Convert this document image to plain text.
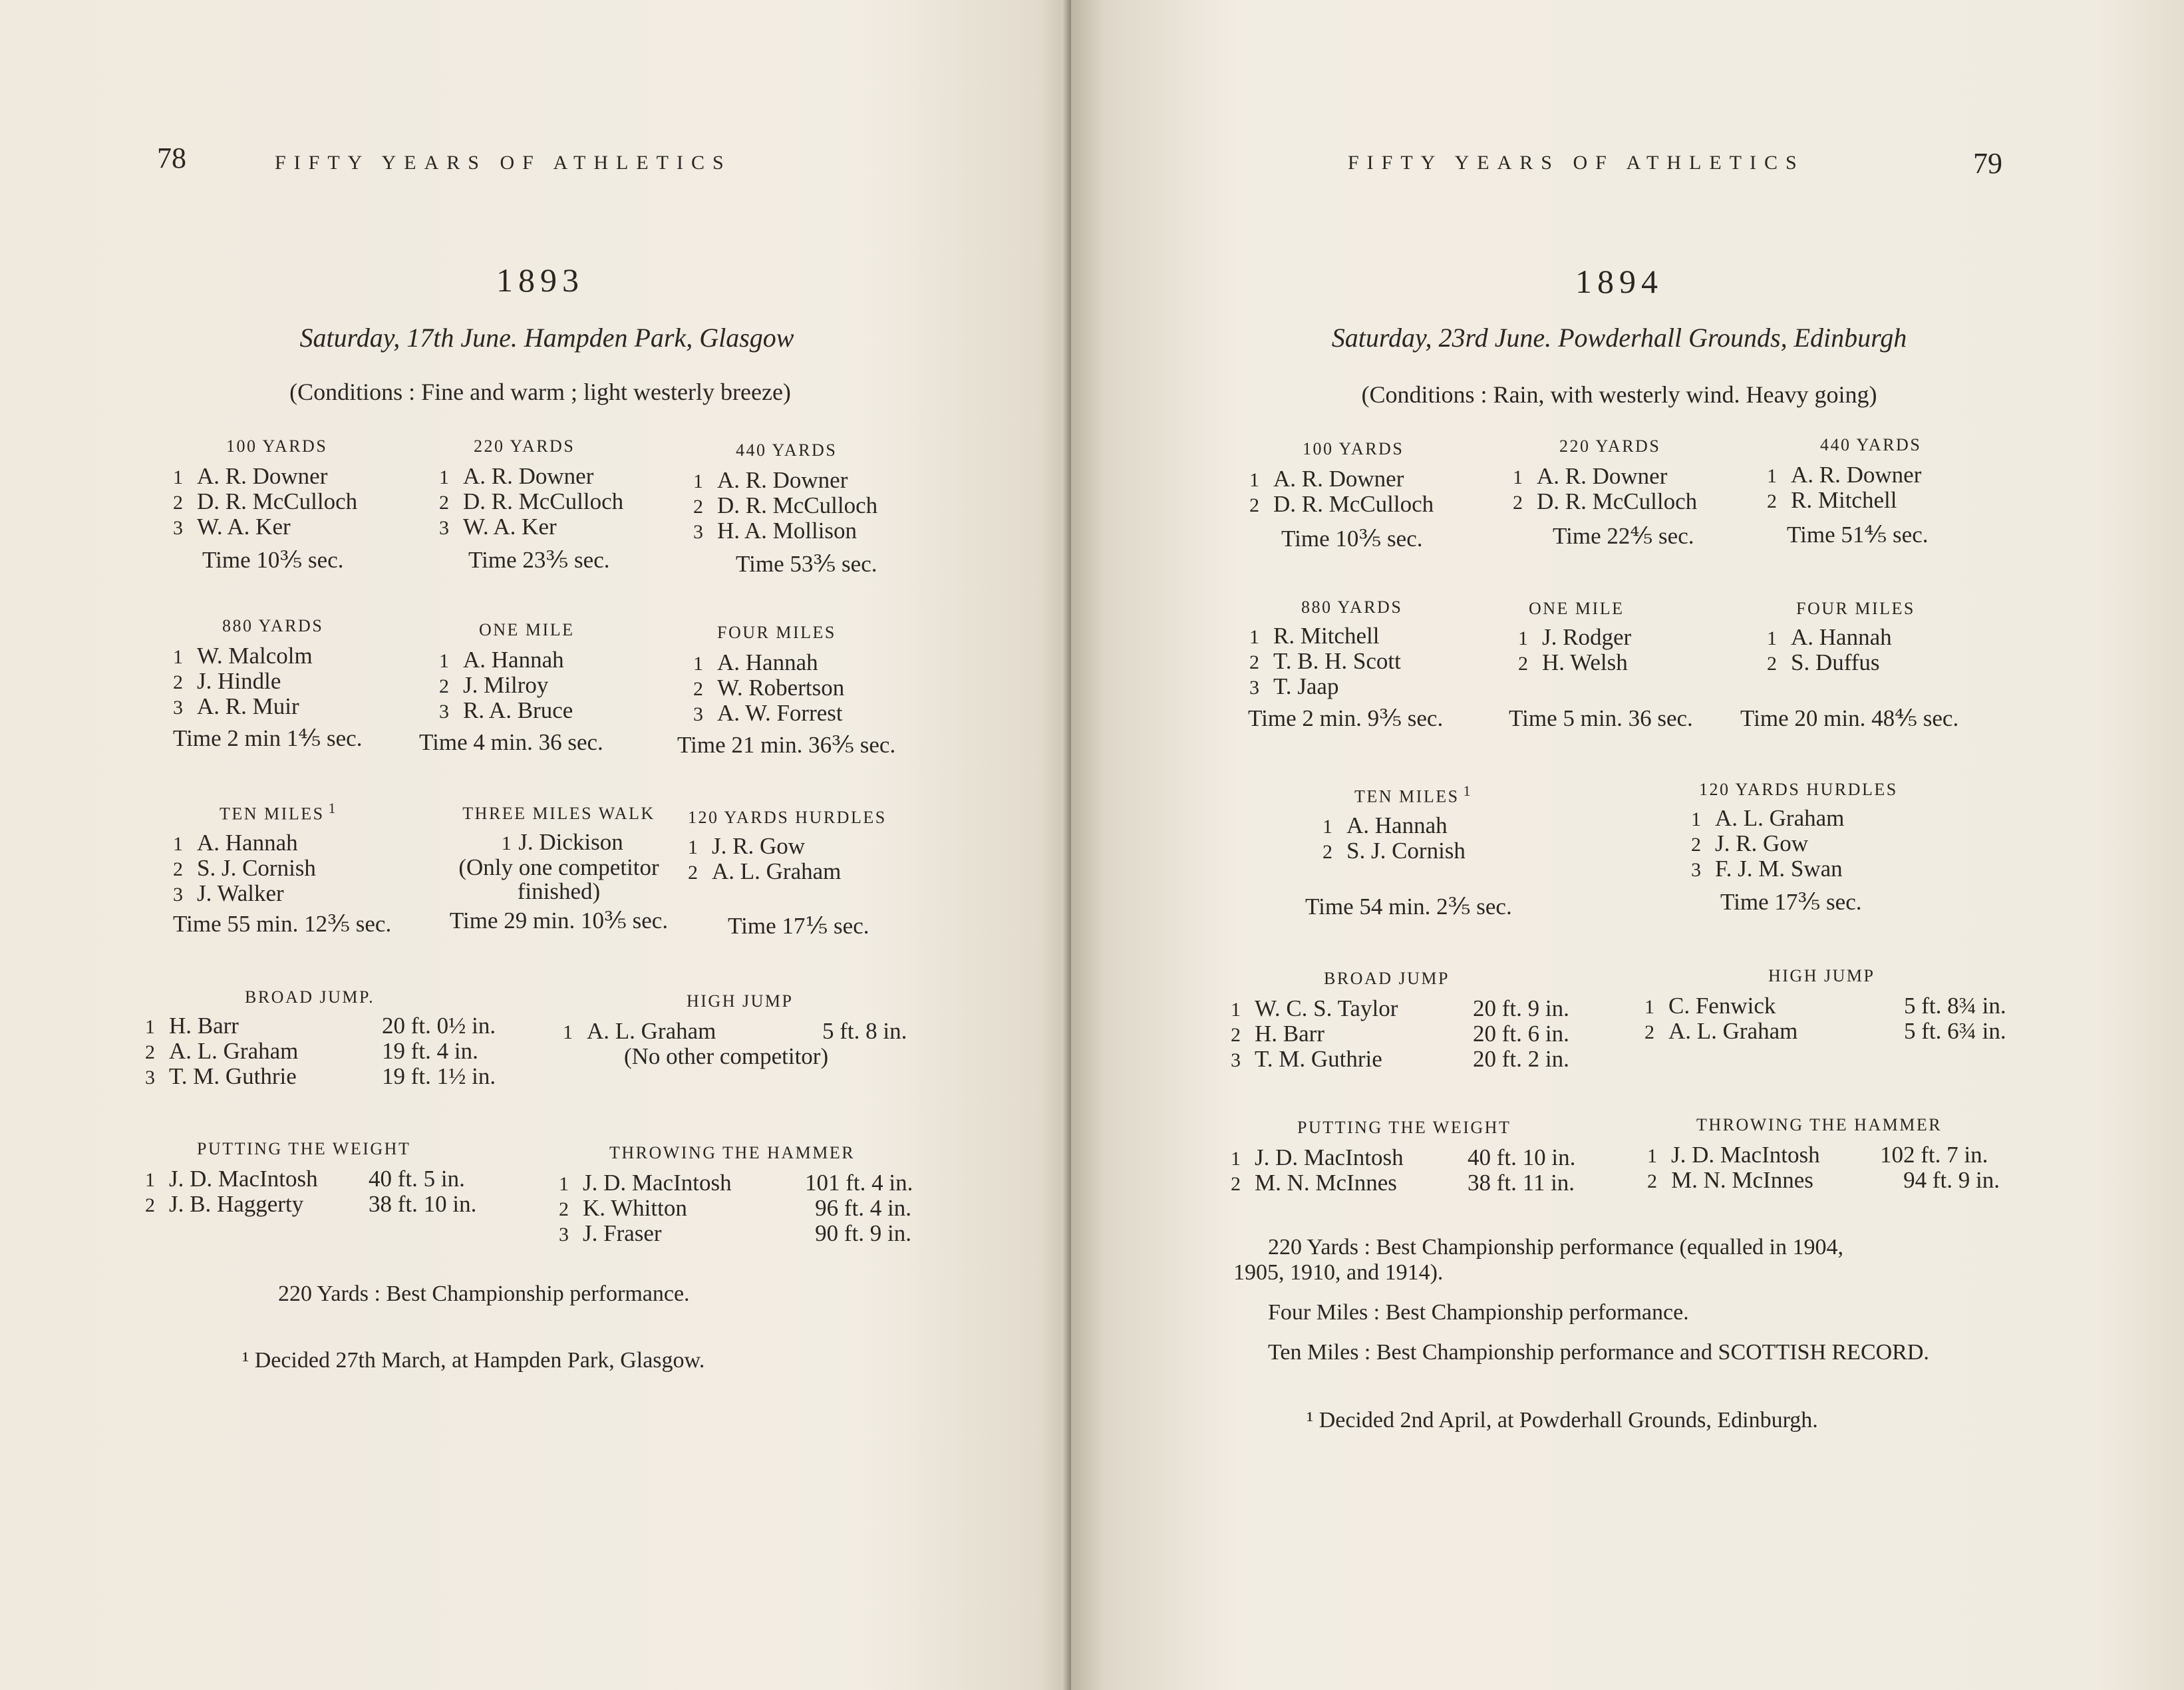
78	FIFTY YEARS OF ATHLETICS
1893
Saturday, 17th June. Hampden Park, Glasgow
(Conditions : Fine and warm ; light westerly breeze)
100 YARDS
1 A. R. Downer
2 D. R. McCulloch
3 W. A. Ker
Time 10⅗ sec.
220 YARDS
1 A. R. Downer
2 D. R. McCulloch
3 W. A. Ker
Time 23⅗ sec.
440 YARDS
1 A. R. Downer
2 D. R. McCulloch
3 H. A. Mollison
Time 53⅗ sec.
880 YARDS
1 W. Malcolm
2 J. Hindle
3 A. R. Muir
Time 2 min 1⅘ sec.
ONE MILE
1 A. Hannah
2 J. Milroy
3 R. A. Bruce
Time 4 min. 36 sec.
FOUR MILES
1 A. Hannah
2 W. Robertson
3 A. W. Forrest
Time 21 min. 36⅗ sec.
TEN MILES $^1$
1 A. Hannah
2 S. J. Cornish
3 J. Walker
Time 55 min. 12⅗ sec.
THREE MILES WALK
1 J. Dickison
(Only one competitor
finished)
Time 29 min. 10⅗ sec.
120 YARDS HURDLES
1 J. R. Gow
2 A. L. Graham
Time 17⅕ sec.
BROAD JUMP.
1 H. Barr	20 ft. 0½ in.
2 A. L. Graham	19 ft. 4 in.
3 T. M. Guthrie	19 ft. 1½ in.
HIGH JUMP
1 A. L. Graham	5 ft. 8 in.
(No other competitor)
PUTTING THE WEIGHT
1 J. D. MacIntosh 40 ft. 5 in.
2 J. B. Haggerty	38 ft. 10 in.
THROWING THE HAMMER
1 J. D. MacIntosh	101 ft. 4 in.
2 K. Whitton	96 ft. 4 in.
3 J. Fraser	90 ft. 9 in.
220 Yards : Best Championship performance.
¹ Decided 27th March, at Hampden Park, Glasgow.
FIFTY YEARS OF ATHLETICS	79
1894
Saturday, 23rd June. Powderhall Grounds, Edinburgh
(Conditions : Rain, with westerly wind. Heavy going)
100 YARDS
1 A. R. Downer
2 D. R. McCulloch
Time 10⅗ sec.
220 YARDS
1 A. R. Downer
2 D. R. McCulloch
Time 22⅘ sec.
440 YARDS
1 A. R. Downer
2 R. Mitchell
Time 51⅘ sec.
880 YARDS
1 R. Mitchell
2 T. B. H. Scott
3 T. Jaap
Time 2 min. 9⅗ sec.
ONE MILE
1 J. Rodger
2 H. Welsh
Time 5 min. 36 sec.
FOUR MILES
1 A. Hannah
2 S. Duffus
Time 20 min. 48⅘ sec.
TEN MILES $^1$
1 A. Hannah
2 S. J. Cornish
Time 54 min. 2⅗ sec.
120 YARDS HURDLES
1 A. L. Graham
2 J. R. Gow
3 F. J. M. Swan
Time 17⅗ sec.
BROAD JUMP
1 W. C. S. Taylor	20 ft. 9 in.
2 H. Barr	20 ft. 6 in.
3 T. M. Guthrie	20 ft. 2 in.
HIGH JUMP
1 C. Fenwick	5 ft. 8¾ in.
2 A. L. Graham	5 ft. 6¾ in.
PUTTING THE WEIGHT
1 J. D. MacIntosh	40 ft. 10 in.
2 M. N. McInnes	38 ft. 11 in.
THROWING THE HAMMER
1 J. D. MacIntosh	102 ft. 7 in.
2 M. N. McInnes	94 ft. 9 in.
220 Yards : Best Championship performance (equalled in 1904,
1905, 1910, and 1914).
Four Miles : Best Championship performance.
Ten Miles : Best Championship performance and SCOTTISH RECORD.
¹ Decided 2nd April, at Powderhall Grounds, Edinburgh.
